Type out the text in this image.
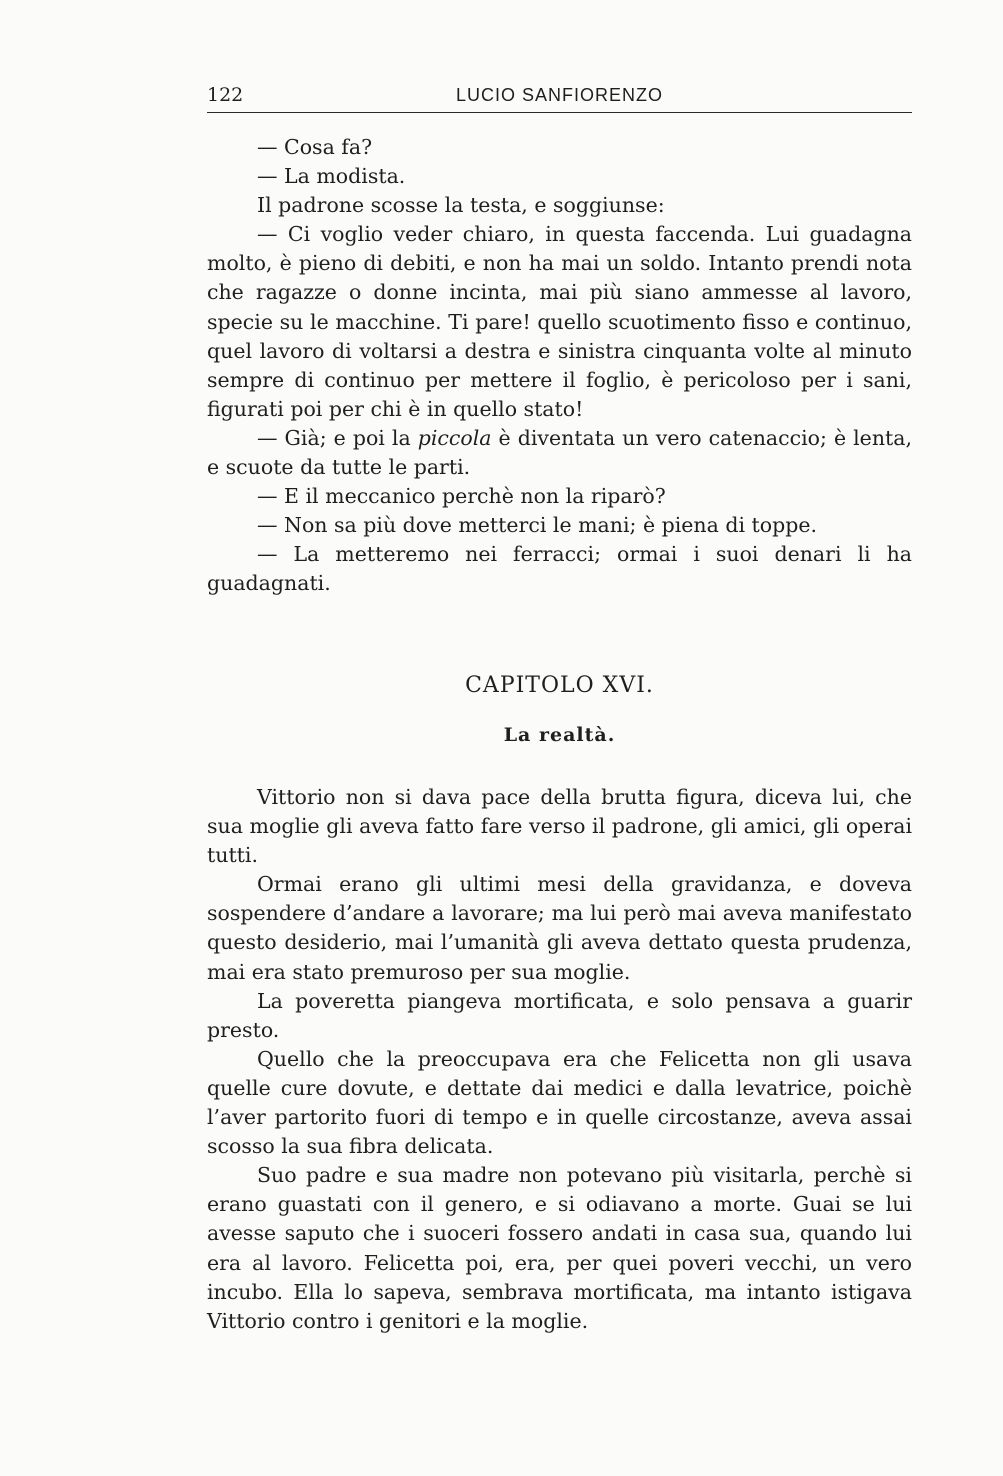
122	LUCIO SANFIORENZO

— Cosa fa?

— La modista.

Il padrone scosse la testa, e soggiunse:

— Ci voglio veder chiaro, in questa faccenda. Lui guadagna molto, è pieno di debiti, e non ha mai un soldo. Intanto prendi nota che ragazze o donne incinta, mai più siano ammesse al lavoro, specie su le macchine. Ti pare! quello scuotimento fisso e continuo, quel lavoro di voltarsi a destra e sinistra cinquanta volte al minuto sempre di continuo per mettere il foglio, è pericoloso per i sani, figurati poi per chi è in quello stato!

— Già; e poi la piccola è diventata un vero catenaccio; è lenta, e scuote da tutte le parti.

— E il meccanico perchè non la riparò?

— Non sa più dove metterci le mani; è piena di toppe.

— La metteremo nei ferracci; ormai i suoi denari li ha guadagnati.

CAPITOLO XVI.
La realtà.

Vittorio non si dava pace della brutta figura, diceva lui, che sua moglie gli aveva fatto fare verso il padrone, gli amici, gli operai tutti.

Ormai erano gli ultimi mesi della gravidanza, e doveva sospendere d’andare a lavorare; ma lui però mai aveva manifestato questo desiderio, mai l’umanità gli aveva dettato questa prudenza, mai era stato premuroso per sua moglie.

La poveretta piangeva mortificata, e solo pensava a guarir presto.

Quello che la preoccupava era che Felicetta non gli usava quelle cure dovute, e dettate dai medici e dalla levatrice, poichè l’aver partorito fuori di tempo e in quelle circostanze, aveva assai scosso la sua fibra delicata.

Suo padre e sua madre non potevano più visitarla, perchè si erano guastati con il genero, e si odiavano a morte. Guai se lui avesse saputo che i suoceri fossero andati in casa sua, quando lui era al lavoro. Felicetta poi, era, per quei poveri vecchi, un vero incubo. Ella lo sapeva, sembrava mortificata, ma intanto istigava Vittorio contro i genitori e la moglie.
